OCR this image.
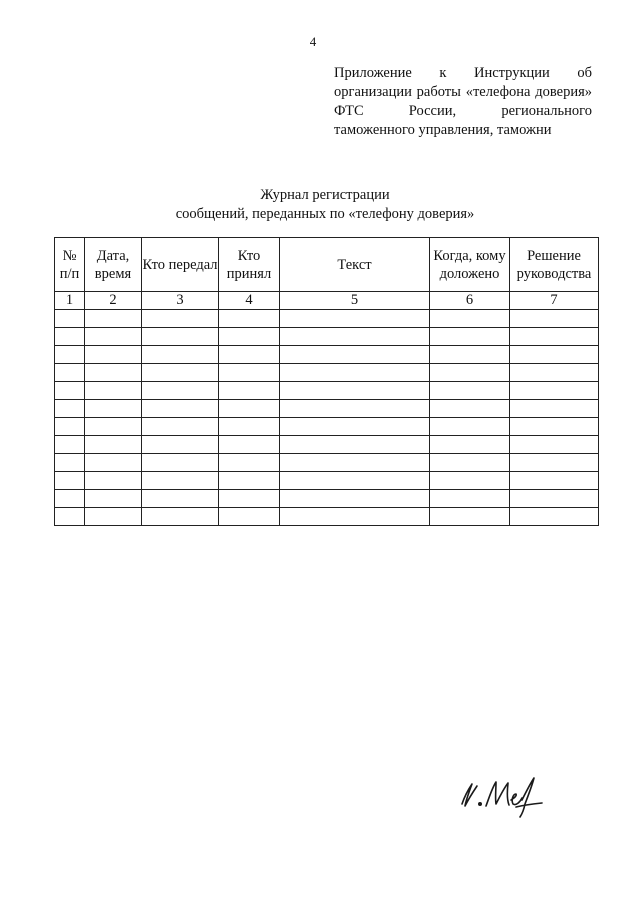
4
Приложение к Инструкции об организации работы «телефона доверия» ФТС России, регионального таможенного управления, таможни
Журнал регистрации
сообщений, переданных по «телефону доверия»
№ п/п	Дата, время	Кто передал	Кто принял	Текст	Когда, кому доложено	Решение руководства
1	2	3	4	5	6	7
